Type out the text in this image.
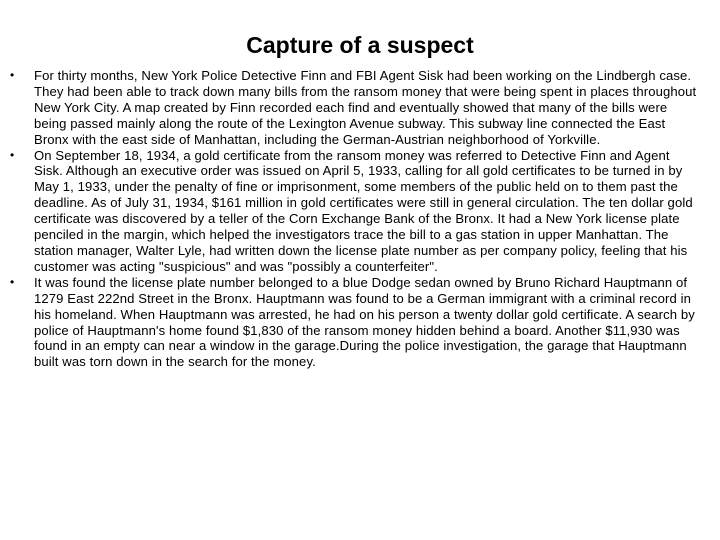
Capture of a suspect
• For thirty months, New York Police Detective Finn and FBI Agent Sisk had been working on the Lindbergh case. They had been able to track down many bills from the ransom money that were being spent in places throughout New York City. A map created by Finn recorded each find and eventually showed that many of the bills were being passed mainly along the route of the Lexington Avenue subway. This subway line connected the East Bronx with the east side of Manhattan, including the German-Austrian neighborhood of Yorkville.
• On September 18, 1934, a gold certificate from the ransom money was referred to Detective Finn and Agent Sisk. Although an executive order was issued on April 5, 1933, calling for all gold certificates to be turned in by May 1, 1933, under the penalty of fine or imprisonment, some members of the public held on to them past the deadline. As of July 31, 1934, $161 million in gold certificates were still in general circulation. The ten dollar gold certificate was discovered by a teller of the Corn Exchange Bank of the Bronx. It had a New York license plate penciled in the margin, which helped the investigators trace the bill to a gas station in upper Manhattan. The station manager, Walter Lyle, had written down the license plate number as per company policy, feeling that his customer was acting "suspicious" and was "possibly a counterfeiter".
• It was found the license plate number belonged to a blue Dodge sedan owned by Bruno Richard Hauptmann of 1279 East 222nd Street in the Bronx. Hauptmann was found to be a German immigrant with a criminal record in his homeland. When Hauptmann was arrested, he had on his person a twenty dollar gold certificate. A search by police of Hauptmann's home found $1,830 of the ransom money hidden behind a board. Another $11,930 was found in an empty can near a window in the garage.During the police investigation, the garage that Hauptmann built was torn down in the search for the money.
